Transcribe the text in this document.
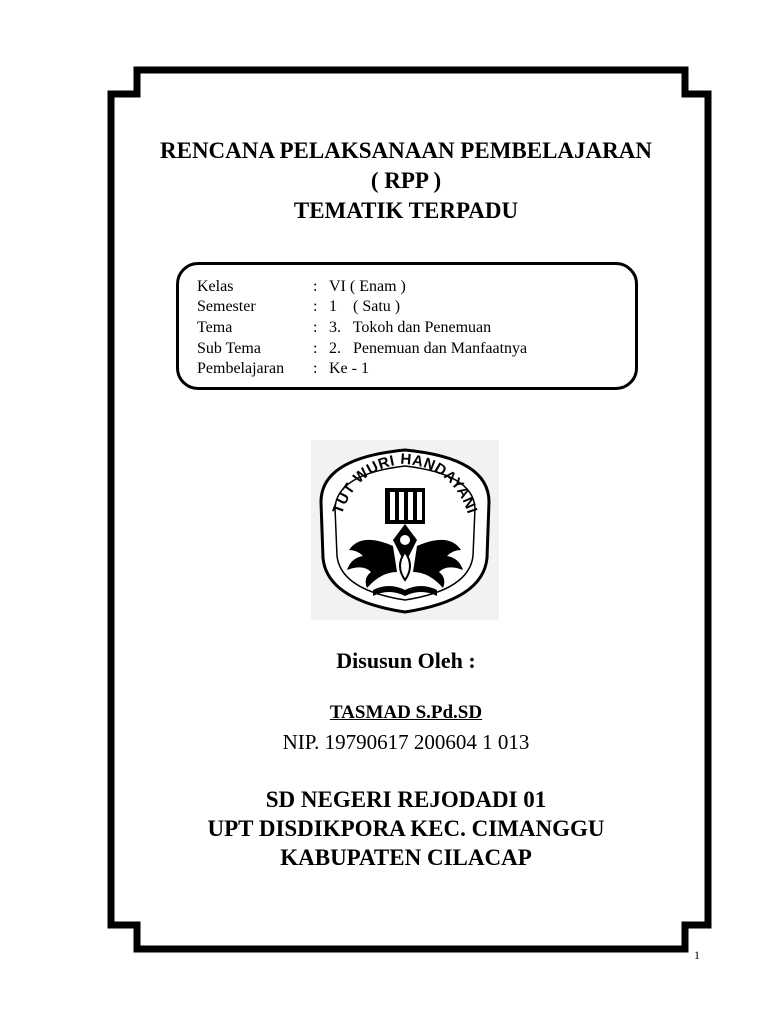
RENCANA PELAKSANAAN PEMBELAJARAN
( RPP )
TEMATIK TERPADU
Kelas	: VI ( Enam )
Semester	: 1    ( Satu )
Tema	: 3.   Tokoh dan Penemuan
Sub Tema	: 2.   Penemuan dan Manfaatnya
Pembelajaran : Ke - 1
TUT WURI HANDAYANI
Disusun Oleh :
TASMAD S.Pd.SD
NIP. 19790617 200604 1 013
SD NEGERI REJODADI 01
UPT DISDIKPORA KEC. CIMANGGU
KABUPATEN CILACAP
1
